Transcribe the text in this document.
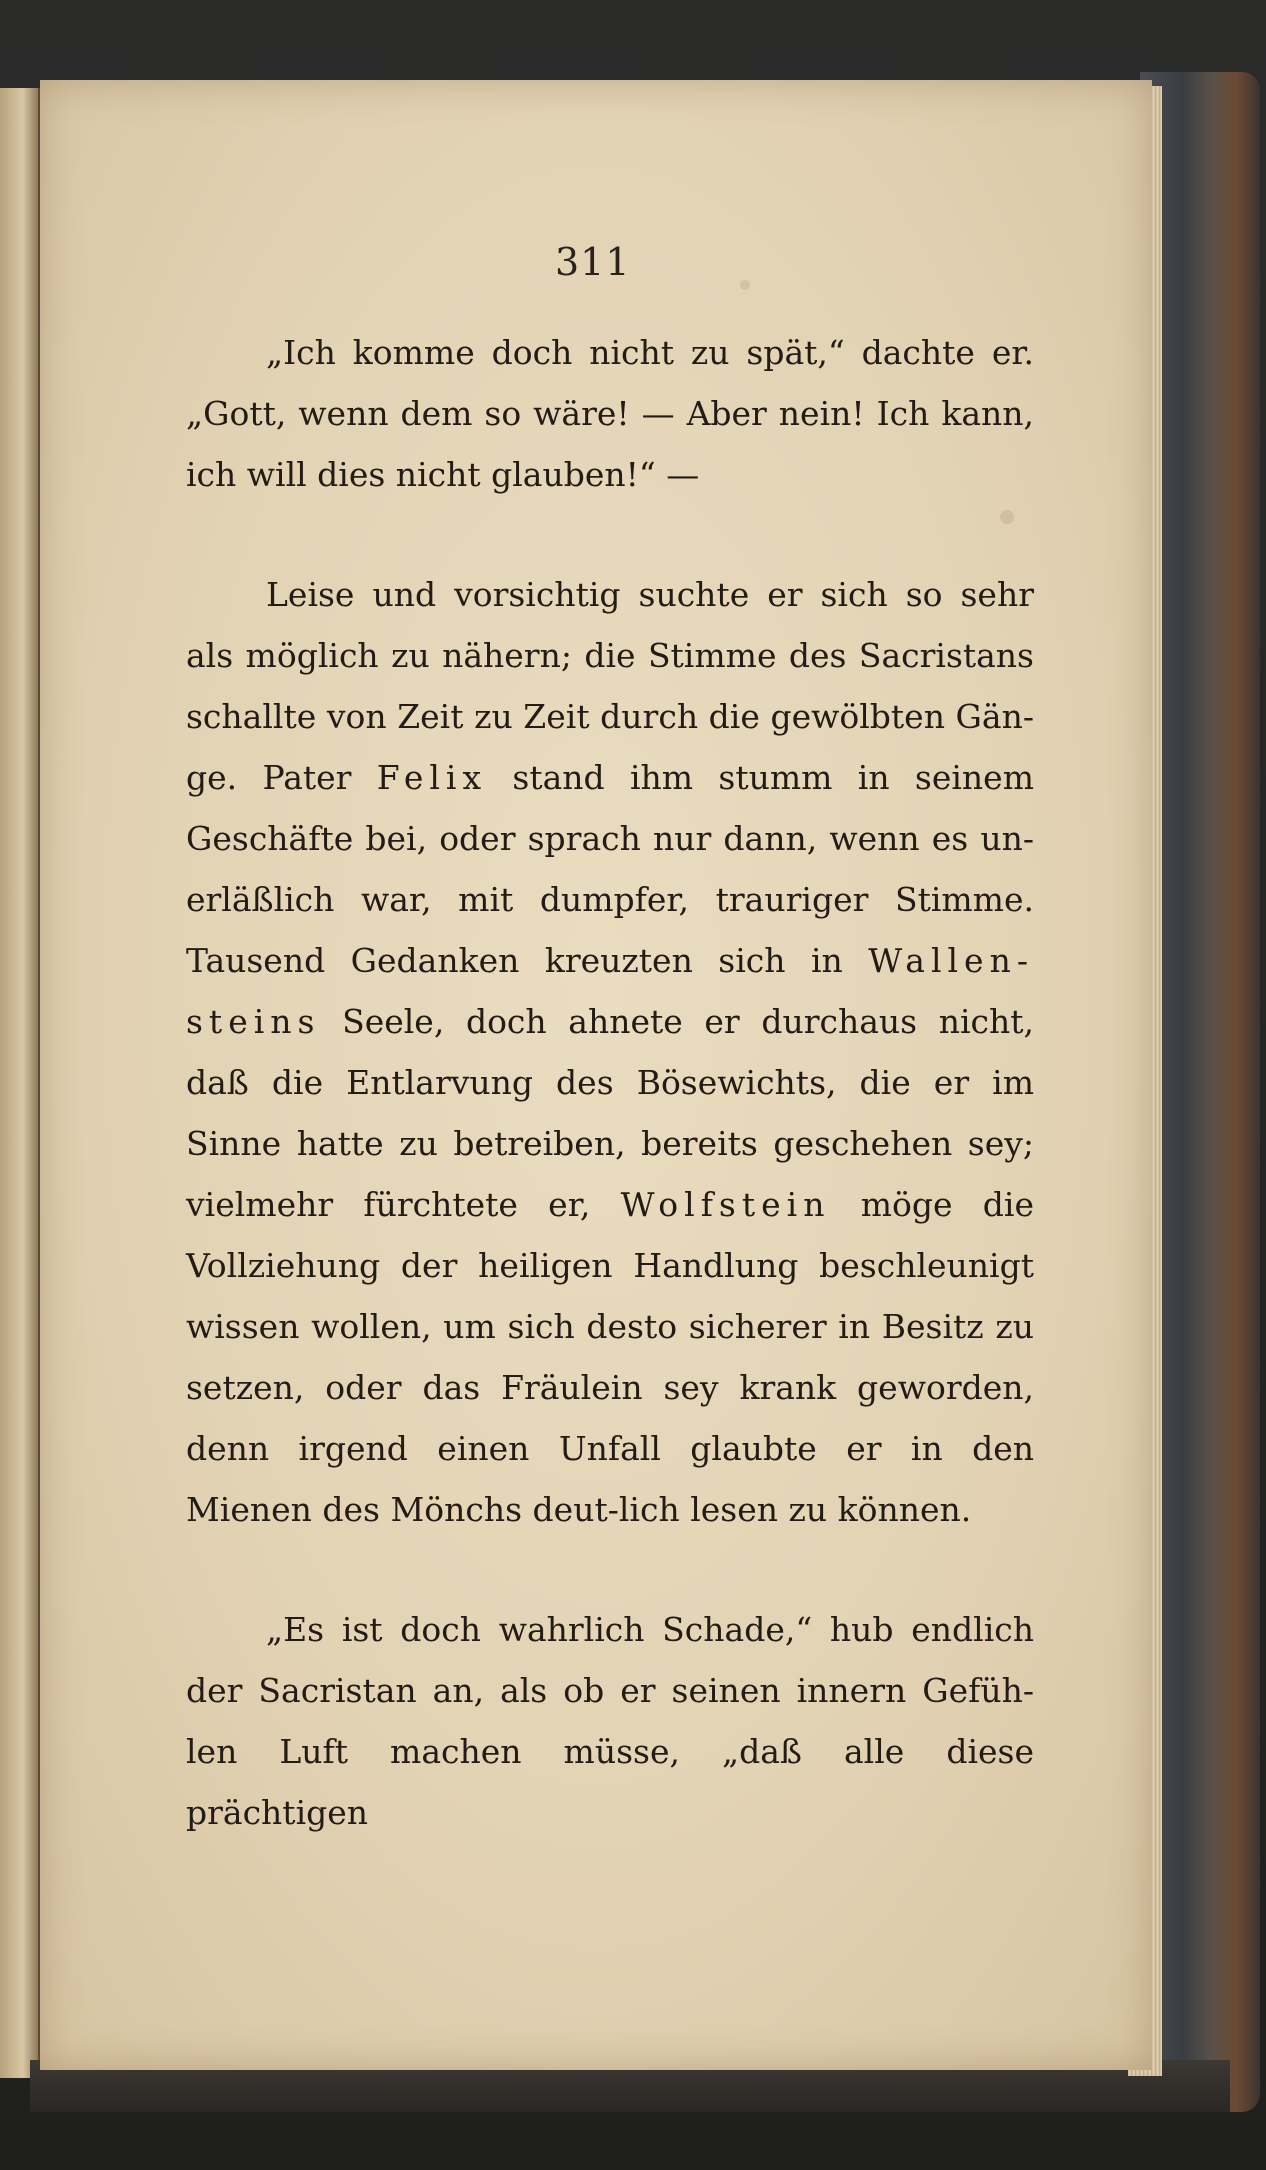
311

„Ich komme doch nicht zu spät,“ dachte er. „Gott, wenn dem so wäre! — Aber nein! Ich kann, ich will dies nicht glauben!“ —

Leise und vorsichtig suchte er sich so sehr als möglich zu nähern; die Stimme des Sacristans schallte von Zeit zu Zeit durch die gewölbten Gän-ge. Pater Felix stand ihm stumm in seinem Geschäfte bei, oder sprach nur dann, wenn es un-erläßlich war, mit dumpfer, trauriger Stimme. Tausend Gedanken kreuzten sich in Wallen-steins Seele, doch ahnete er durchaus nicht, daß die Entlarvung des Bösewichts, die er im Sinne hatte zu betreiben, bereits geschehen sey; vielmehr fürchtete er, Wolfstein möge die Vollziehung der heiligen Handlung beschleunigt wissen wollen, um sich desto sicherer in Besitz zu setzen, oder das Fräulein sey krank geworden, denn irgend einen Unfall glaubte er in den Mienen des Mönchs deut-lich lesen zu können.

„Es ist doch wahrlich Schade,“ hub endlich der Sacristan an, als ob er seinen innern Gefüh-len Luft machen müsse, „daß alle diese prächtigen
